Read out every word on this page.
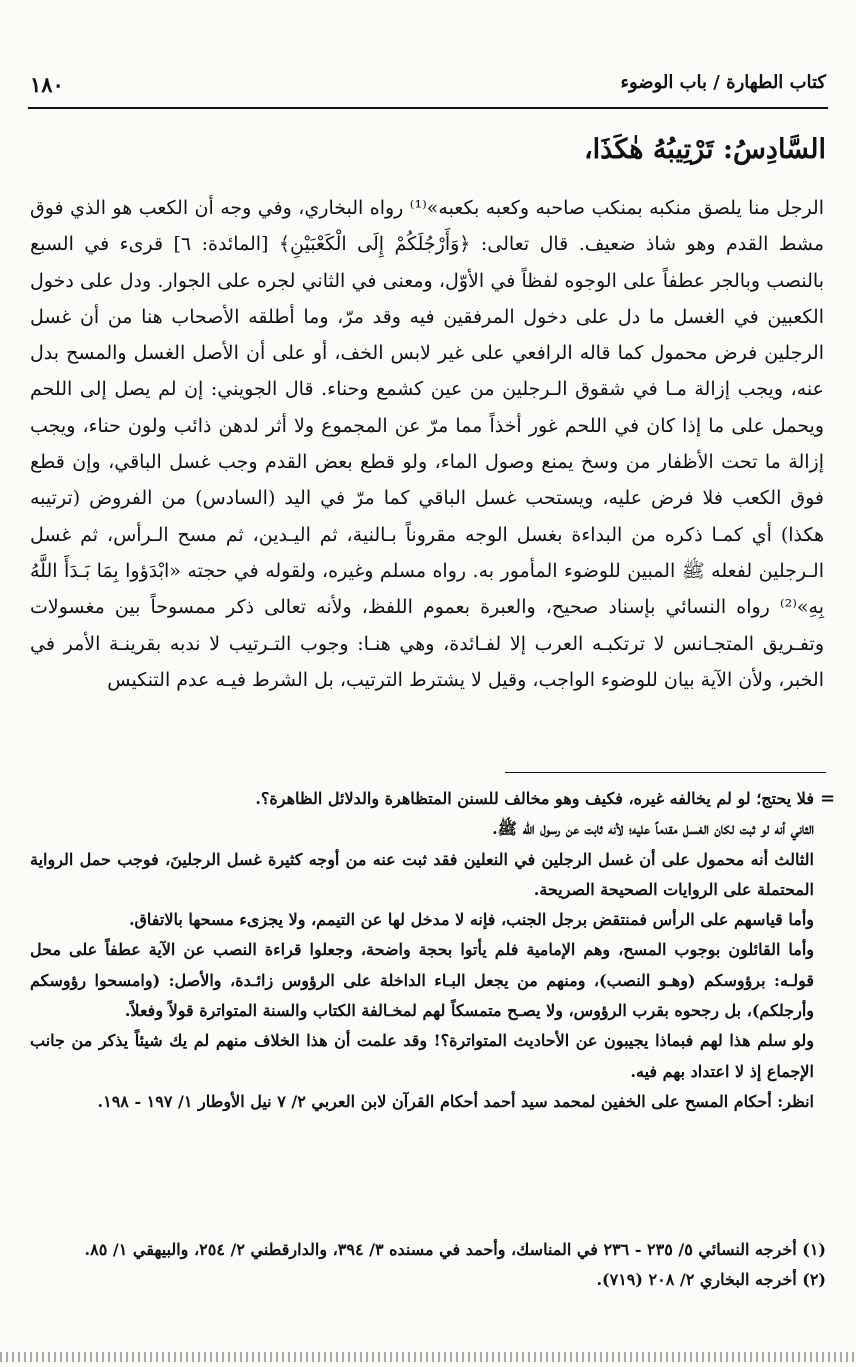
١٨٠	كتاب الطهارة / باب الوضوء
السَّادِسُ: تَرْتِيبُهُ هٰكَذَا،

الرجل منا يلصق منكبه بمنكب صاحبه وكعبه بكعبه»⁽¹⁾ رواه البخاري، وفي وجه أن الكعب هو الذي فوق مشط القدم وهو شاذ ضعيف. قال تعالى: ﴿وَأَرْجُلَكُمْ إِلَى الْكَعْبَيْنِ﴾ [المائدة: ٦] قرىء في السبع بالنصب وبالجر عطفاً على الوجوه لفظاً في الأوّل، ومعنى في الثاني لجره على الجوار. ودل على دخول الكعبين في الغسل ما دل على دخول المرفقين فيه وقد مرّ، وما أطلقه الأصحاب هنا من أن غسل الرجلين فرض محمول كما قاله الرافعي على غير لابس الخف، أو على أن الأصل الغسل والمسح بدل عنه، ويجب إزالة مـا في شقوق الـرجلين من عين كشمع وحناء. قال الجويني: إن لم يصل إلى اللحم ويحمل على ما إذا كان في اللحم غور أخذاً مما مرّ عن المجموع ولا أثر لدهن ذائب ولون حناء، ويجب إزالة ما تحت الأظفار من وسخ يمنع وصول الماء، ولو قطع بعض القدم وجب غسل الباقي، وإن قطع فوق الكعب فلا فرض عليه، ويستحب غسل الباقي كما مرّ في اليد (السادس) من الفروض (ترتيبه هكذا) أي كمـا ذكره من البداءة بغسل الوجه مقروناً بـالنية، ثم اليـدين، ثم مسح الـرأس، ثم غسل الـرجلين لفعله ﷺ المبين للوضوء المأمور به. رواه مسلم وغيره، ولقوله في حجته «ابْدَؤوا بِمَا بَـدَأَ اللَّهُ بِهِ»⁽²⁾ رواه النسائي بإسناد صحيح، والعبرة بعموم اللفظ، ولأنه تعالى ذكر ممسوحاً بين مغسولات وتفـريق المتجـانس لا ترتكبـه العرب إلا لفـائدة، وهي هنـا: وجوب التـرتيب لا ندبه بقرينـة الأمر في الخبر، ولأن الآية بيان للوضوء الواجب، وقيل لا يشترط الترتيب، بل الشرط فيـه عدم التنكيس

=

فلا يحتج؛ لو لم يخالفه غيره، فكيف وهو مخالف للسنن المتظاهرة والدلائل الظاهرة؟.

الثاني أنه لو ثبت لكان الغسل مقدماً عليه؛ لأنه ثابت عن رسول الله ﷺ.

الثالث أنه محمول على أن غسل الرجلين في النعلين فقد ثبت عنه من أوجه كثيرة غسل الرجلينَ، فوجب حمل الرواية المحتملة على الروايات الصحيحة الصريحة.

وأما قياسهم على الرأس فمنتقض برجل الجنب، فإنه لا مدخل لها عن التيمم، ولا يجزىء مسحها بالاتفاق.

وأما القائلون بوجوب المسح، وهم الإمامية فلم يأتوا بحجة واضحة، وجعلوا قراءة النصب عن الآية عطفاً على محل قولـه: برؤوسكم (وهـو النصب)، ومنهم من يجعل البـاء الداخلة على الرؤوس زائـدة، والأصل: (وامسحوا رؤوسكم وأرجلكم)، بل رجحوه بقرب الرؤوس، ولا يصـح متمسكاً لهم لمخـالفة الكتاب والسنة المتواترة قولاً وفعلاً.

ولو سلم هذا لهم فبماذا يجيبون عن الأحاديث المتواترة؟! وقد علمت أن هذا الخلاف منهم لم يك شيئاً يذكر من جانب الإجماع إذ لا اعتداد بهم فيه.

انظر: أحكام المسح على الخفين لمحمد سيد أحمد أحكام القرآن لابن العربي ٢/ ٧ نيل الأوطار ١/ ١٩٧ - ١٩٨.

(١) أخرجه النسائي ٥/ ٢٣٥ - ٢٣٦ في المناسك، وأحمد في مسنده ٣/ ٣٩٤، والدارقطني ٢/ ٢٥٤، والبيهقي ١/ ٨٥.

(٢) أخرجه البخاري ٢/ ٢٠٨ (٧١٩).
